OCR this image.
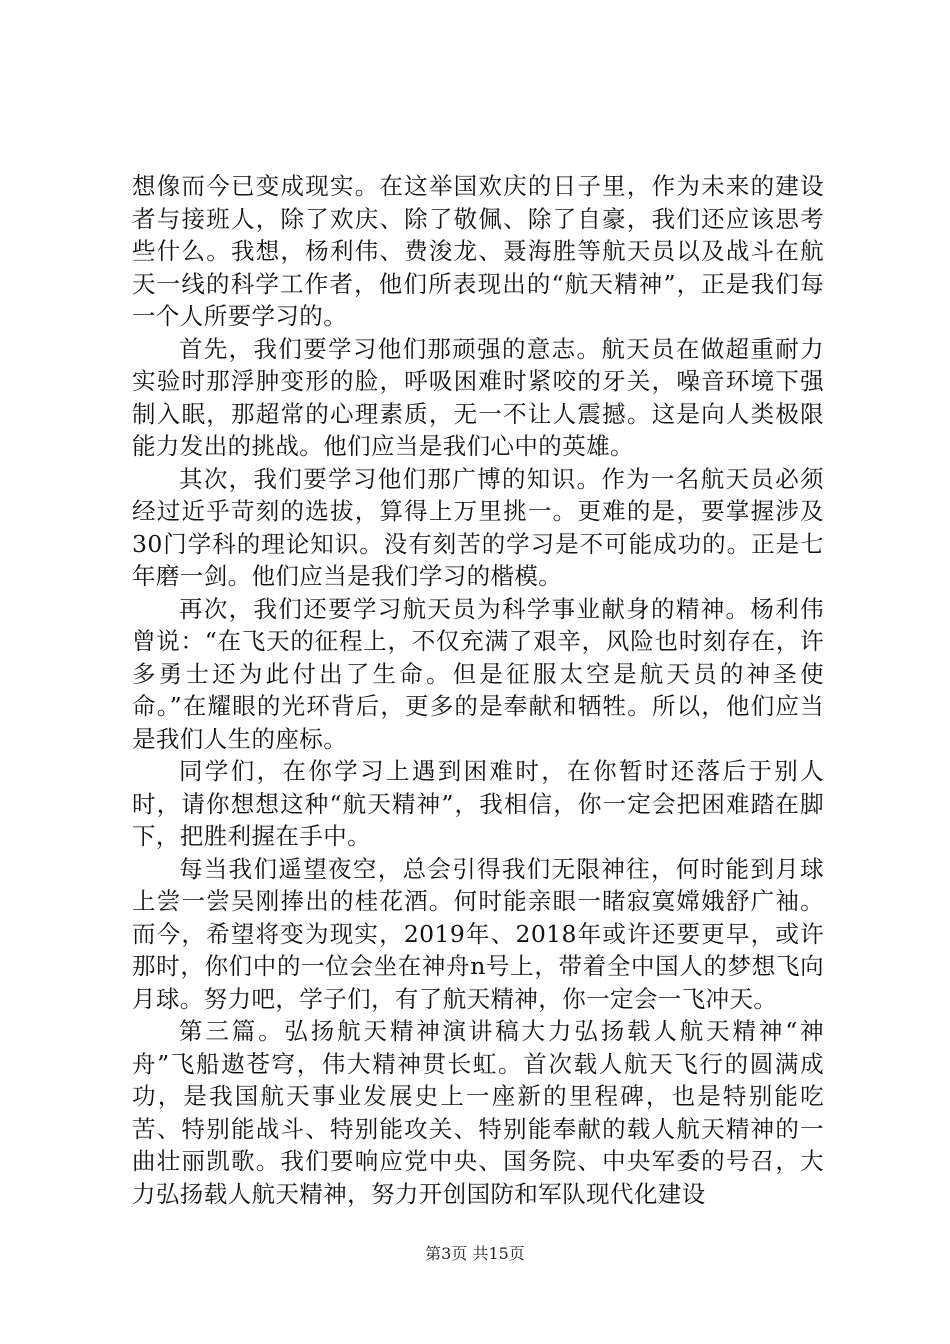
想像而今已变成现实。在这举国欢庆的日子里，作为未来的建设者与接班人，除了欢庆、除了敬佩、除了自豪，我们还应该思考些什么。我想，杨利伟、费浚龙、聂海胜等航天员以及战斗在航天一线的科学工作者，他们所表现出的“航天精神”，正是我们每一个人所要学习的。

首先，我们要学习他们那顽强的意志。航天员在做超重耐力实验时那浮肿变形的脸，呼吸困难时紧咬的牙关，噪音环境下强制入眠，那超常的心理素质，无一不让人震撼。这是向人类极限能力发出的挑战。他们应当是我们心中的英雄。

其次，我们要学习他们那广博的知识。作为一名航天员必须经过近乎苛刻的选拔，算得上万里挑一。更难的是，要掌握涉及30门学科的理论知识。没有刻苦的学习是不可能成功的。正是七年磨一剑。他们应当是我们学习的楷模。

再次，我们还要学习航天员为科学事业献身的精神。杨利伟曾说：“在飞天的征程上，不仅充满了艰辛，风险也时刻存在，许多勇士还为此付出了生命。但是征服太空是航天员的神圣使命。”在耀眼的光环背后，更多的是奉献和牺牲。所以，他们应当是我们人生的座标。

同学们，在你学习上遇到困难时，在你暂时还落后于别人时，请你想想这种“航天精神”，我相信，你一定会把困难踏在脚下，把胜利握在手中。

每当我们遥望夜空，总会引得我们无限神往，何时能到月球上尝一尝吴刚捧出的桂花酒。何时能亲眼一睹寂寞嫦娥舒广袖。而今，希望将变为现实，2019年、2018年或许还要更早，或许那时，你们中的一位会坐在神舟n号上，带着全中国人的梦想飞向月球。努力吧，学子们，有了航天精神，你一定会一飞冲天。

第三篇。弘扬航天精神演讲稿大力弘扬载人航天精神“神舟”飞船遨苍穹，伟大精神贯长虹。首次载人航天飞行的圆满成功，是我国航天事业发展史上一座新的里程碑，也是特别能吃苦、特别能战斗、特别能攻关、特别能奉献的载人航天精神的一曲壮丽凯歌。我们要响应党中央、国务院、中央军委的号召，大力弘扬载人航天精神，努力开创国防和军队现代化建设

第3页 共15页
